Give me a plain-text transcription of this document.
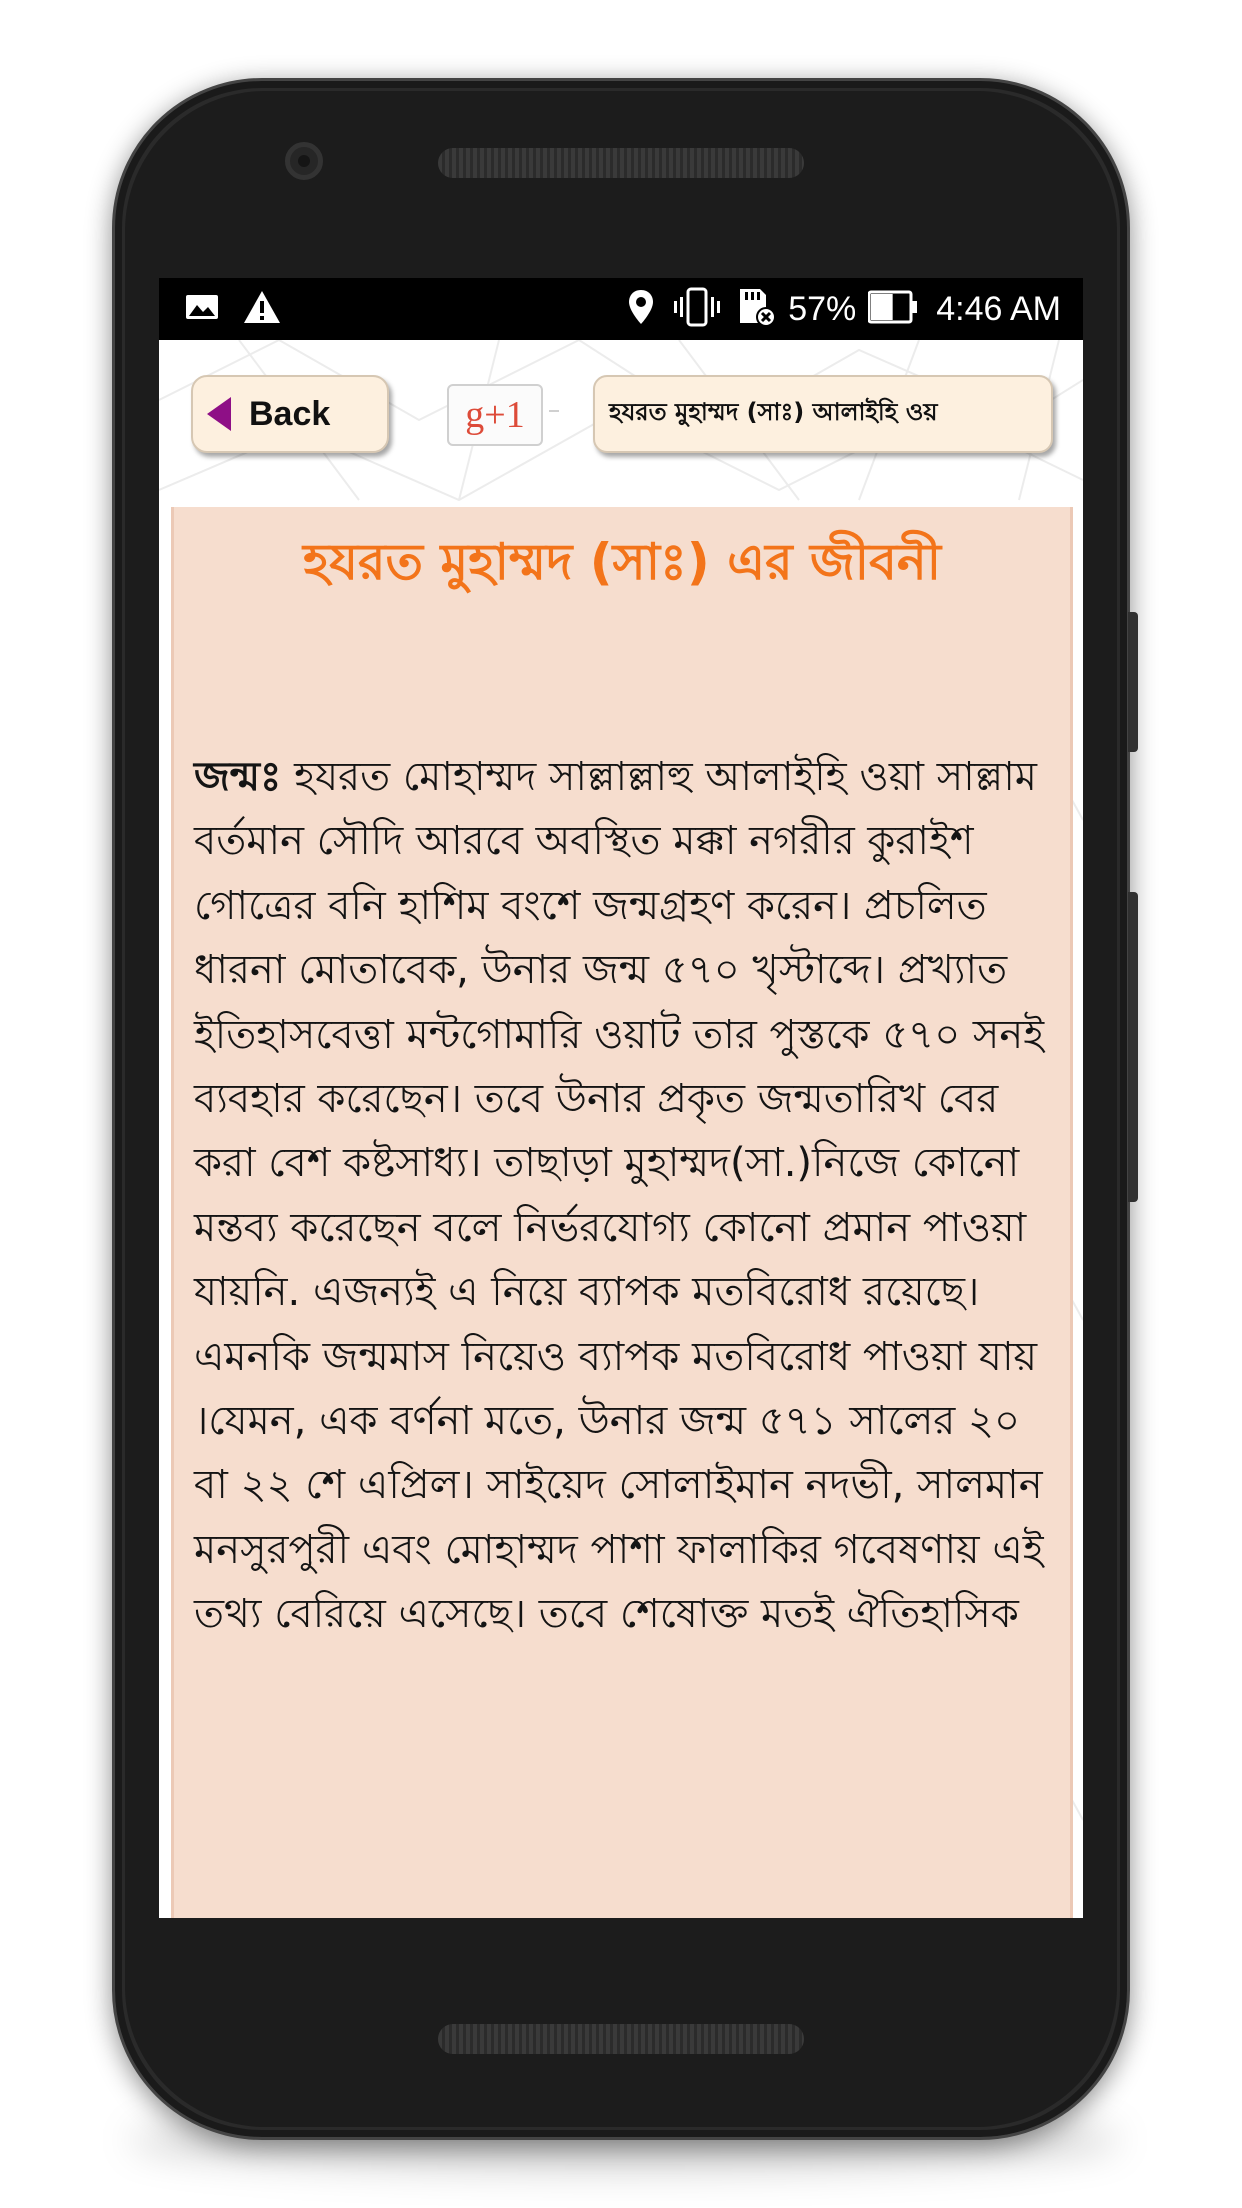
57% 4:46 AM
Back	g+1	হযরত মুহাম্মদ (সাঃ) আলাইহি ওয়
হযরত মুহাম্মদ (সাঃ) এর জীবনী

জন্মঃ হযরত মোহাম্মদ সাল্লাল্লাহু আলাইহি ওয়া সাল্লাম বর্তমান সৌদি আরবে অবস্থিত মক্কা নগরীর কুরাইশ গোত্রের বনি হাশিম বংশে জন্মগ্রহণ করেন। প্রচলিত ধারনা মোতাবেক, উনার জন্ম ৫৭০ খৃস্টাব্দে। প্রখ্যাত ইতিহাসবেত্তা মন্টগোমারি ওয়াট তার পুস্তকে ৫৭০ সনই ব্যবহার করেছেন। তবে উনার প্রকৃত জন্মতারিখ বের করা বেশ কষ্টসাধ্য। তাছাড়া মুহাম্মদ(সা.)নিজে কোনো মন্তব্য করেছেন বলে নির্ভরযোগ্য কোনো প্রমান পাওয়া যায়নি. এজন্যই এ নিয়ে ব্যাপক মতবিরোধ রয়েছে। এমনকি জন্মমাস নিয়েও ব্যাপক মতবিরোধ পাওয়া যায় ।যেমন, এক বর্ণনা মতে, উনার জন্ম ৫৭১ সালের ২০ বা ২২ শে এপ্রিল। সাইয়েদ সোলাইমান নদভী, সালমান মনসুরপুরী এবং মোহাম্মদ পাশা ফালাকির গবেষণায় এই তথ্য বেরিয়ে এসেছে। তবে শেষোক্ত মতই ঐতিহাসিক
